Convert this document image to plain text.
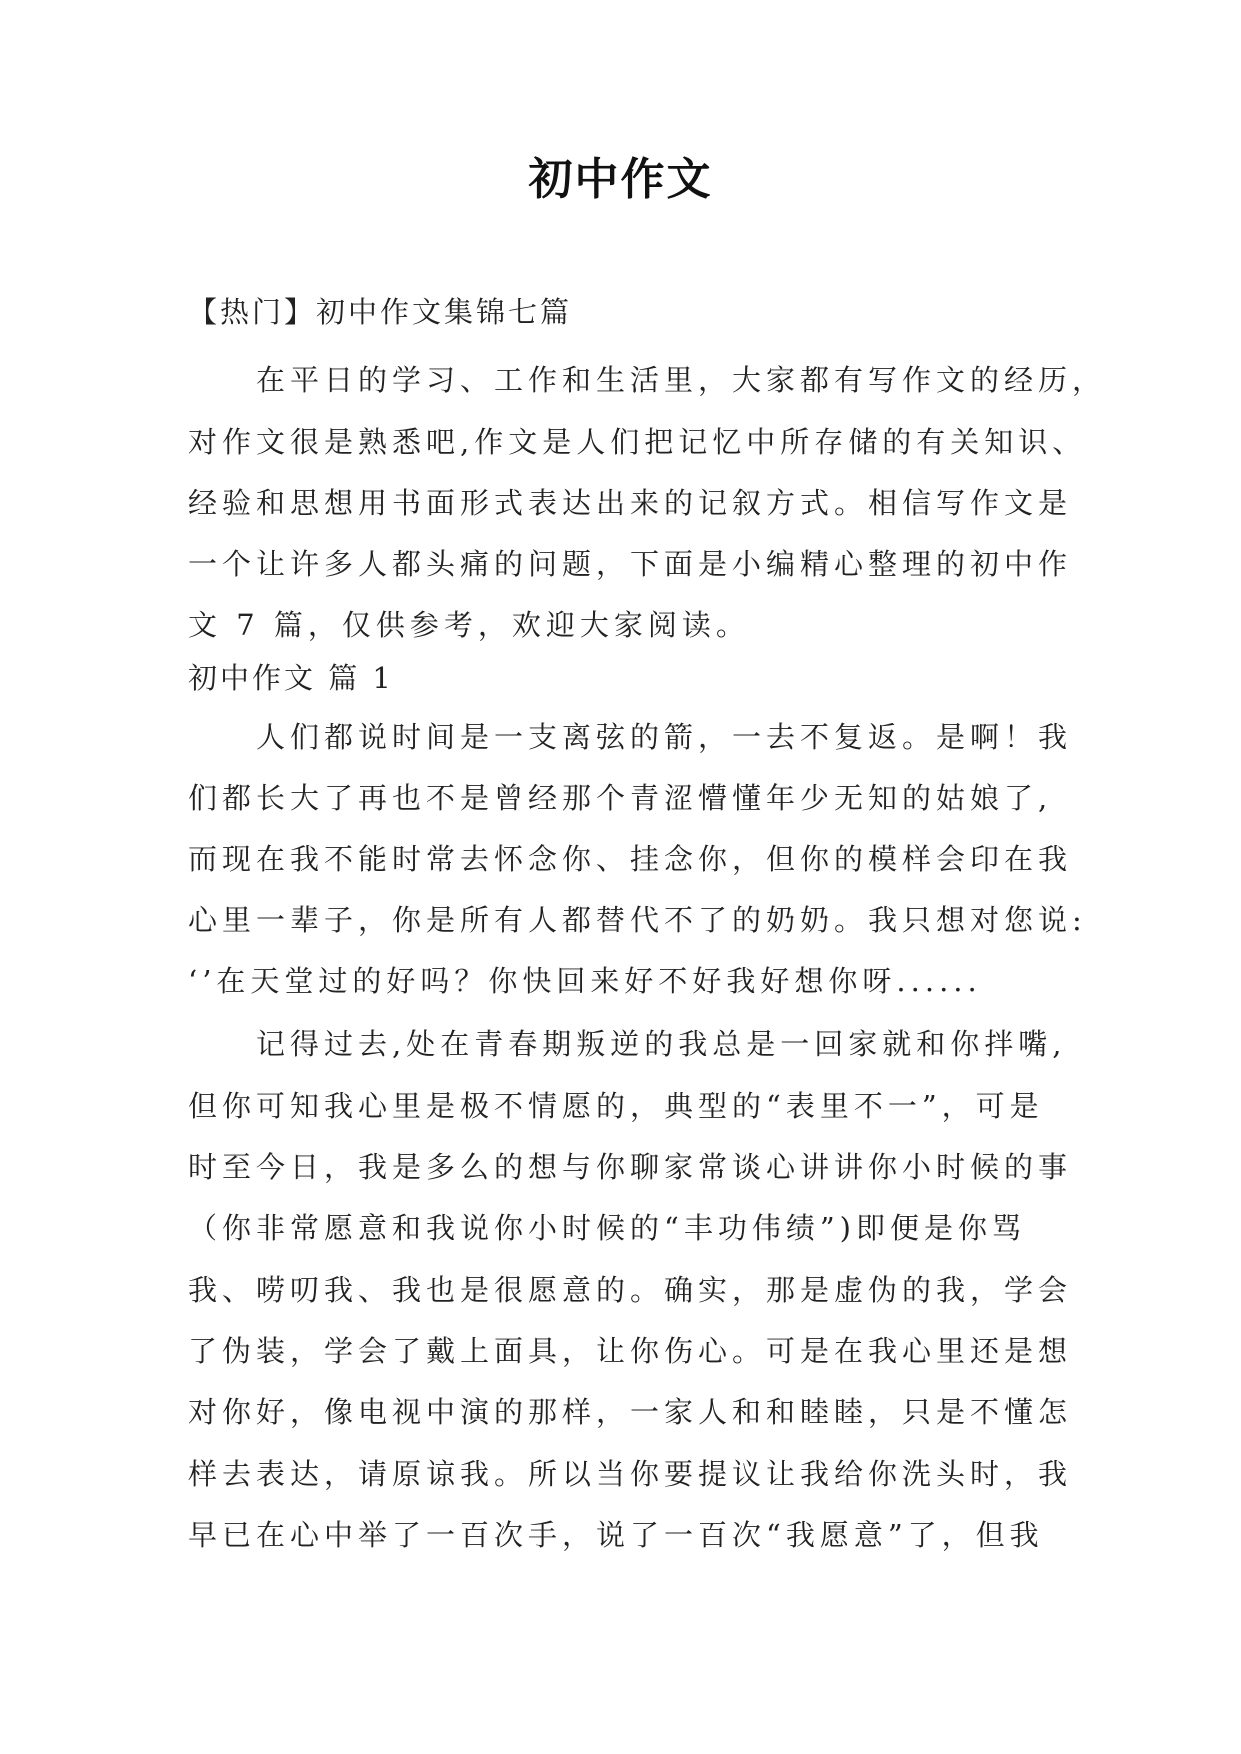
初中作文
【热门】初中作文集锦七篇
在平日的学习、工作和生活里，大家都有写作文的经历，
对作文很是熟悉吧,作文是人们把记忆中所存储的有关知识、
经验和思想用书面形式表达出来的记叙方式。相信写作文是
一个让许多人都头痛的问题，下面是小编精心整理的初中作
文 7 篇，仅供参考，欢迎大家阅读。
初中作文 篇 1
人们都说时间是一支离弦的箭，一去不复返。是啊！我
们都长大了再也不是曾经那个青涩懵懂年少无知的姑娘了,
而现在我不能时常去怀念你、挂念你，但你的模样会印在我
心里一辈子，你是所有人都替代不了的奶奶。我只想对您说:
‘’在天堂过的好吗？你快回来好不好我好想你呀......
记得过去,处在青春期叛逆的我总是一回家就和你拌嘴,
但你可知我心里是极不情愿的，典型的“表里不一”，可是
时至今日，我是多么的想与你聊家常谈心讲讲你小时候的事
（你非常愿意和我说你小时候的“丰功伟绩”)即便是你骂
我、唠叨我、我也是很愿意的。确实，那是虚伪的我，学会
了伪装，学会了戴上面具，让你伤心。可是在我心里还是想
对你好，像电视中演的那样，一家人和和睦睦，只是不懂怎
样去表达，请原谅我。所以当你要提议让我给你洗头时，我
早已在心中举了一百次手，说了一百次“我愿意”了，但我
